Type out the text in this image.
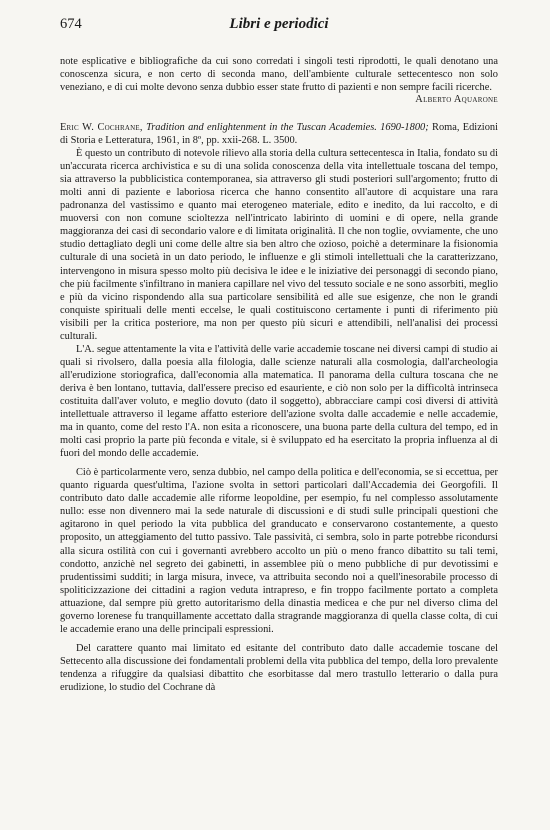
674	Libri e periodici

note esplicative e bibliografiche da cui sono corredati i singoli testi riprodotti, le quali denotano una conoscenza sicura, e non certo di seconda mano, dell'ambiente culturale settecentesco non solo veneziano, e di cui molte devono senza dubbio esser state frutto di pazienti e non sempre facili ricerche.

Alberto Aquarone

Eric W. Cochrane, Tradition and enlightenment in the Tuscan Academies. 1690-1800; Roma, Edizioni di Storia e Letteratura, 1961, in 8º, pp. xxii-268. L. 3500.

È questo un contributo di notevole rilievo alla storia della cultura settecentesca in Italia, fondato su di un'accurata ricerca archivistica e su di una solida conoscenza della vita intellettuale toscana del tempo, sia attraverso la pubblicistica contemporanea, sia attraverso gli studi posteriori sull'argomento; frutto di molti anni di paziente e laboriosa ricerca che hanno consentito all'autore di acquistare una rara padronanza del vastissimo e quanto mai eterogeneo materiale, edito e inedito, da lui raccolto, e di muoversi con non comune scioltezza nell'intricato labirinto di uomini e di opere, nella grande maggioranza dei casi di secondario valore e di limitata originalità. Il che non toglie, ovviamente, che uno studio dettagliato degli uni come delle altre sia ben altro che ozioso, poichè a determinare la fisionomia culturale di una società in un dato periodo, le influenze e gli stimoli intellettuali che la caratterizzano, intervengono in misura spesso molto più decisiva le idee e le iniziative dei personaggi di secondo piano, che più facilmente s'infiltrano in maniera capillare nel vivo del tessuto sociale e ne sono assorbiti, meglio e più da vicino rispondendo alla sua particolare sensibilità ed alle sue esigenze, che non le grandi conquiste spirituali delle menti eccelse, le quali costituiscono certamente i punti di riferimento più visibili per la critica posteriore, ma non per questo più sicuri e attendibili, nell'analisi dei processi culturali.

L'A. segue attentamente la vita e l'attività delle varie accademie toscane nei diversi campi di studio ai quali si rivolsero, dalla poesia alla filologia, dalle scienze naturali alla cosmologia, dall'archeologia all'erudizione storiografica, dall'economia alla matematica. Il panorama della cultura toscana che ne deriva è ben lontano, tuttavia, dall'essere preciso ed esauriente, e ciò non solo per la difficoltà intrinseca costituita dall'aver voluto, e meglio dovuto (dato il soggetto), abbracciare campi così diversi di attività intellettuale attraverso il legame affatto esteriore dell'azione svolta dalle accademie e nelle accademie, ma in quanto, come del resto l'A. non esita a riconoscere, una buona parte della cultura del tempo, ed in molti casi proprio la parte più feconda e vitale, si è sviluppato ed ha esercitato la propria influenza al di fuori del mondo delle accademie.

Ciò è particolarmente vero, senza dubbio, nel campo della politica e dell'economia, se si eccettua, per quanto riguarda quest'ultima, l'azione svolta in settori particolari dall'Accademia dei Georgofili. Il contributo dato dalle accademie alle riforme leopoldine, per esempio, fu nel complesso assolutamente nullo: esse non divennero mai la sede naturale di discussioni e di studi sulle principali questioni che agitarono in quel periodo la vita pubblica del granducato e conservarono costantemente, a questo proposito, un atteggiamento del tutto passivo. Tale passività, ci sembra, solo in parte potrebbe ricondursi alla sicura ostilità con cui i governanti avrebbero accolto un più o meno franco dibattito su tali temi, condotto, anzichè nel segreto dei gabinetti, in assemblee più o meno pubbliche di pur devotissimi e prudentissimi sudditi; in larga misura, invece, va attribuita secondo noi a quell'inesorabile processo di spoliticizzazione dei cittadini a ragion veduta intrapreso, e fin troppo facilmente portato a completa attuazione, dal sempre più gretto autoritarismo della dinastia medicea e che pur nel diverso clima del governo lorenese fu tranquillamente accettato dalla stragrande maggioranza di quella classe colta, di cui le accademie erano una delle principali espressioni.

Del carattere quanto mai limitato ed esitante del contributo dato dalle accademie toscane del Settecento alla discussione dei fondamentali problemi della vita pubblica del tempo, della loro prevalente tendenza a rifuggire da qualsiasi dibattito che esorbitasse dal mero trastullo letterario o dalla pura erudizione, lo studio del Cochrane dà
